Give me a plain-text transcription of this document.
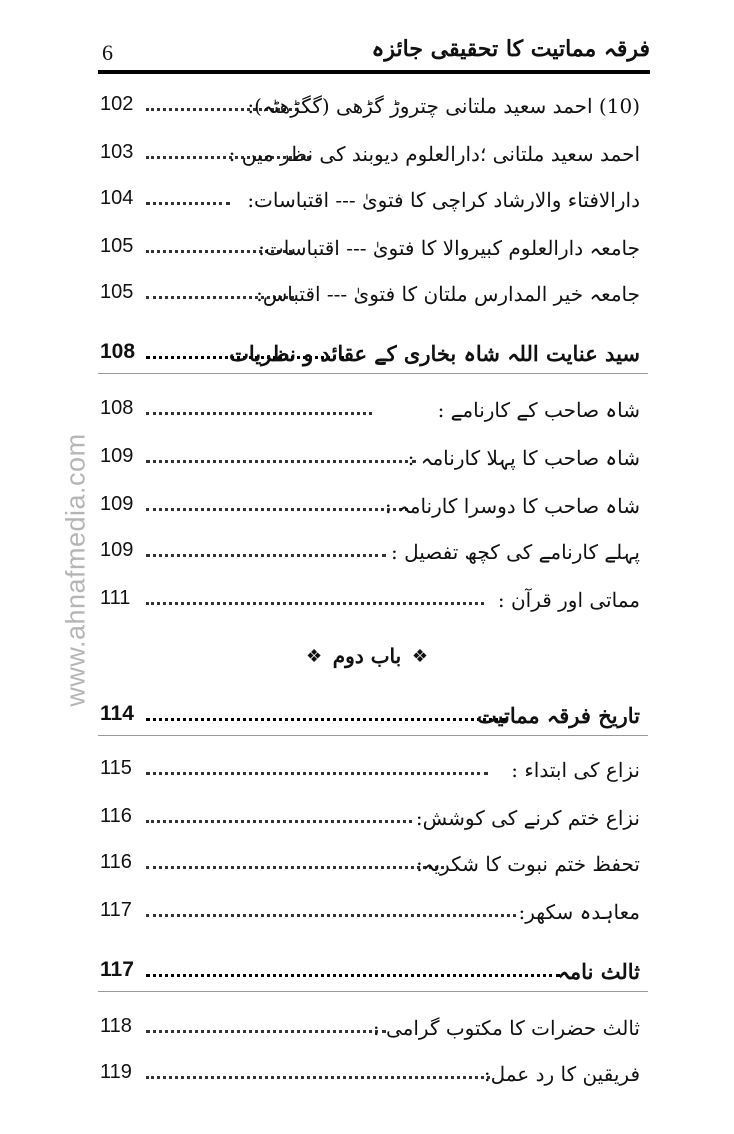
6	فرقہ مماتیت کا تحقیقی جائزہ
www.ahnafmedia.com
102	(10) احمد سعید ملتانی چتروڑ گڑھی (گگڑھٹہ):
103	احمد سعید ملتانی ؛دارالعلوم دیوبند کی نظر میں :
104	دارالافتاء والارشاد کراچی کا فتویٰ --- اقتباسات:
105	جامعہ دارالعلوم کبیروالا کا فتویٰ --- اقتباسات:
105	جامعہ خیر المدارس ملتان کا فتویٰ --- اقتباس:
108	سید عنایت اللہ شاہ بخاری کے عقائد و نظریات
108	شاہ صاحب کے کارنامے :
109	شاہ صاحب کا پہلا کارنامہ :
109	شاہ صاحب کا دوسرا کارنامہ :
109	پہلے کارنامے کی کچھ تفصیل :
111	مماتی اور قرآن :
❖ باب دوم ❖
114	تاریخ فرقہ مماتیت
115	نزاع کی ابتداء :
116	نزاع ختم کرنے کی کوشش:
116	تحفظ ختم نبوت کا شکریہ:
117	معاہدہ سکھر:
117	ثالث نامہ
118	ثالث حضرات کا مکتوب گرامی :
119	فریقین کا رد عمل:
